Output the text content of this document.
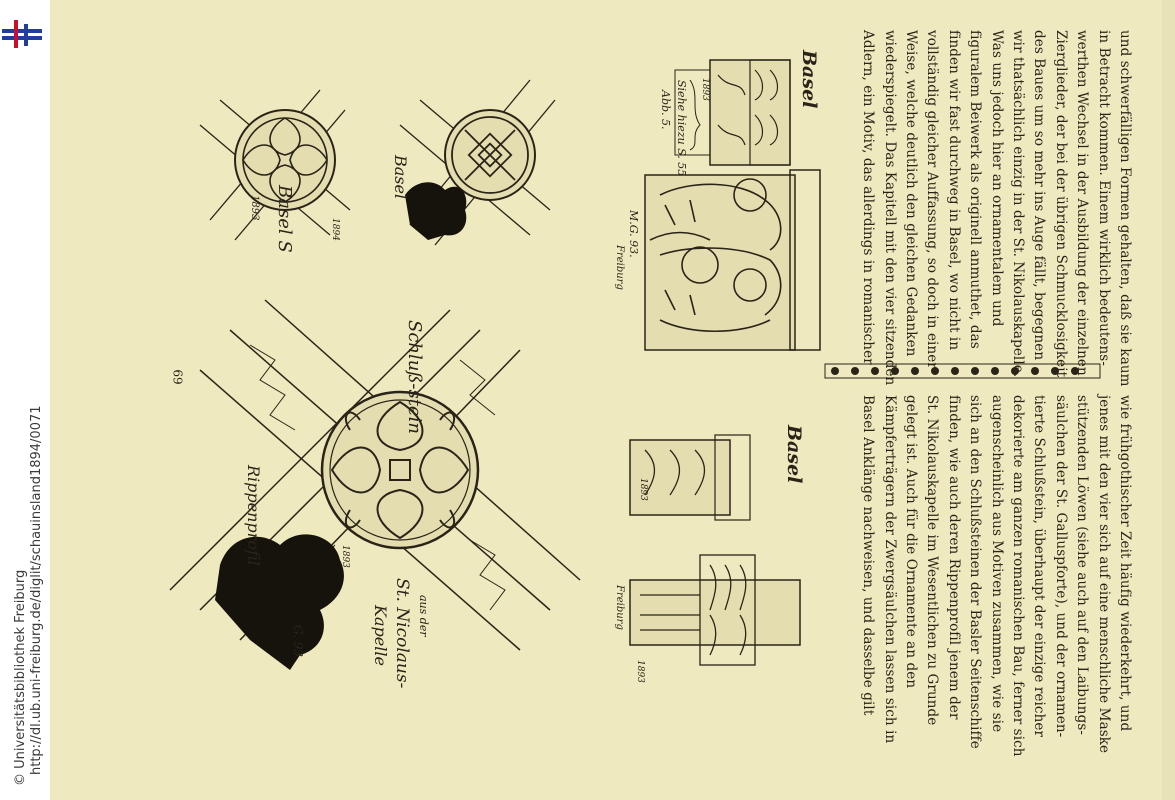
http://dl.ub.uni-freiburg.de/diglit/schauinsland1894/0071
© Universitätsbibliothek Freiburg

und schwerfälligen Formen gehalten, daß sie kaum

in Betracht kommen. Einem wirklich bedeutens-

werthen Wechsel in der Ausbildung der einzelnen

Zierglieder, der bei der übrigen Schmucklosigkeit

des Baues um so mehr ins Auge fällt, begegnen

wir thatsächlich einzig in der St. Nikolauskapelle.

Was uns jedoch hier an ornamentalem und

figuralem Beiwerk als originell anmuthet, das

finden wir fast durchweg in Basel, wo nicht in

vollständig gleicher Auffassung, so doch in einer

Weise, welche deutlich den gleichen Gedanken

wiederspiegelt. Das Kapitell mit den vier sitzenden

Adlern, ein Motiv, das allerdings in romanischer

wie frühgothischer Zeit häufig wiederkehrt, und

jenes mit den vier sich auf eine menschliche Maske

stützenden Löwen (siehe auch auf den Laibungs-

säulchen der St. Galluspforte), und der ornamen-

tierte Schlußstein, überhaupt der einzige reicher

dekorierte am ganzen romanischen Bau, ferner sich

augenscheinlich aus Motiven zusammen, wie sie

sich an den Schlußsteinen der Basler Seitenschiffe

finden, wie auch deren Rippenprofil jenem der

St. Nikolauskapelle im Wesentlichen zu Grunde

gelegt ist. Auch für die Ornamente an den

Kämpferträgern der Zwergsäulchen lassen sich in

Basel Anklänge nachweisen, und dasselbe gilt

Basel
Siehe hiezu S. 55
Abb. 5.
1893
M.G. 93.
Freiburg
Basel
1894
Basel S
1893
Schluß-stein
Rippenprofil
aus der
St. Nicolaus-
Kapelle
G. 93
Basel
1893
Freiburg
1893
1893
69
